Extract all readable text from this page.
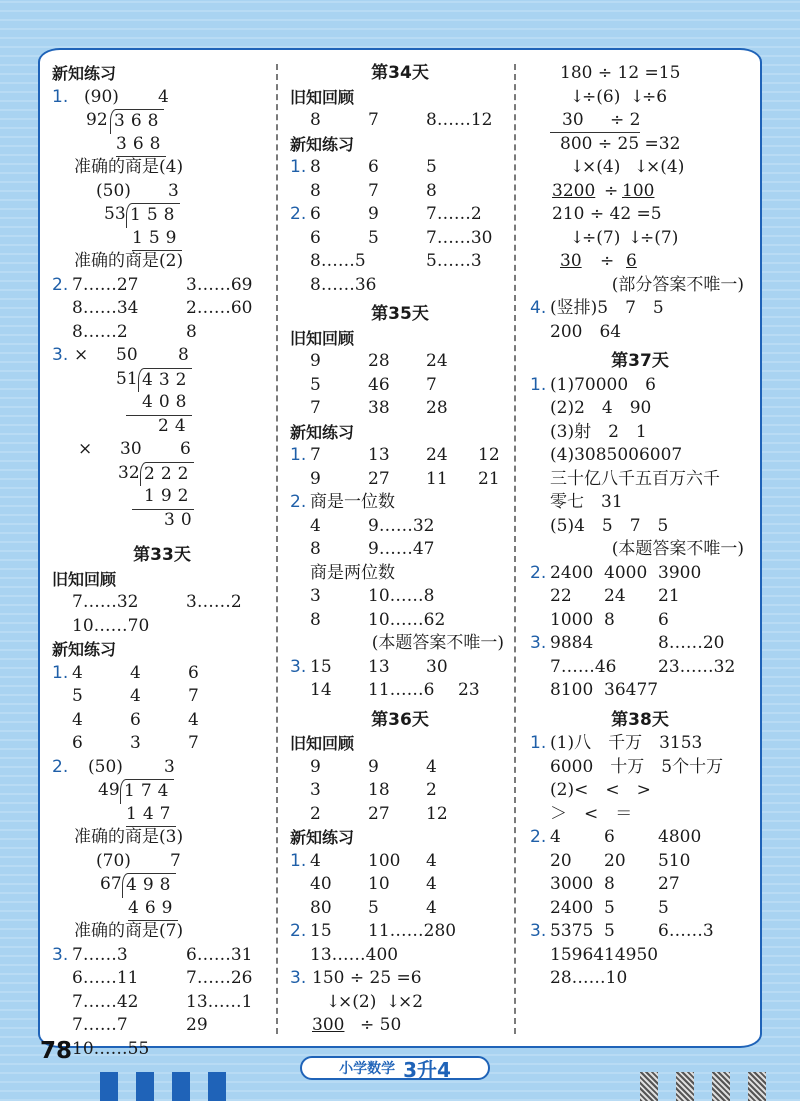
新知练习
1. (90) 4
92 368
368
准确的商是(4)
(50) 3
53 158
159
准确的商是(2)
2. 7……27	3……69
8……34	2……60
8……2	8
3. × 50 8
51 432
408
24
× 30 6
32 222
192
30
第33天
旧知回顾
7……32	3……2
10……70
新知练习
1. 4	4	6
5	4	7
4	6	4
6	3	7
2. (50) 3
49 174
147
准确的商是(3)
(70) 7
67 498
469
准确的商是(7)
3. 7……3	6……31
6……11	7……26
7……42	13……1
7……7	29
10……55
第34天
旧知回顾
8	7	8……12
新知练习
1. 8	6	5
8	7	8
2. 6	9	7……2
6	5	7……30
8……5	5……3
8……36
第35天
旧知回顾
9	28 24
5	46 7
7	38 28
新知练习
1. 7	13 24 12
9	27 11 21
2. 商是一位数
4	9……32
8	9……47
商是两位数
3	10……8
8	10……62
(本题答案不唯一)
3. 15 13 30
14 11……6 23
第36天
旧知回顾
9	9	4
3	18 2
2	27 12
新知练习
1. 4	100 4
40 10 4
80 5	4
2. 15 11……280
13……400
3. 150 ÷ 25 =6
↓
×(2) ↓
×2
300 ÷ 50
180 ÷ 12 =15
↓
÷(6) ↓
÷6
30 ÷ 2
800 ÷ 25 =32
↓
×(4) ↓
×(4)
3200 ÷ 100
210 ÷ 42 =5
↓
÷(7) ↓
÷(7)
30 ÷ 6
(部分答案不唯一)
4. (竖排)5　7　5
200　64
第37天
1. (1)70000　6
(2)2　4　90
(3)射　2　1
(4)3085006007
三十亿八千五百万六千
零七　31
(5)4　5　7　5
(本题答案不唯一)
2. 2400 4000 3900
22 24 21
1000 8	6
3. 9884	8……20
7……46 23……32
8100 36477
第38天
1. (1)八　千万　3153
6000　十万　5个十万
(2)<　<　>
＞　<　＝
2. 4	6	4800
20 20 510
3000 8	27
2400 5	5
3. 5375 5	6……3
15964 14950
28……10
78
小学数学 3升4
